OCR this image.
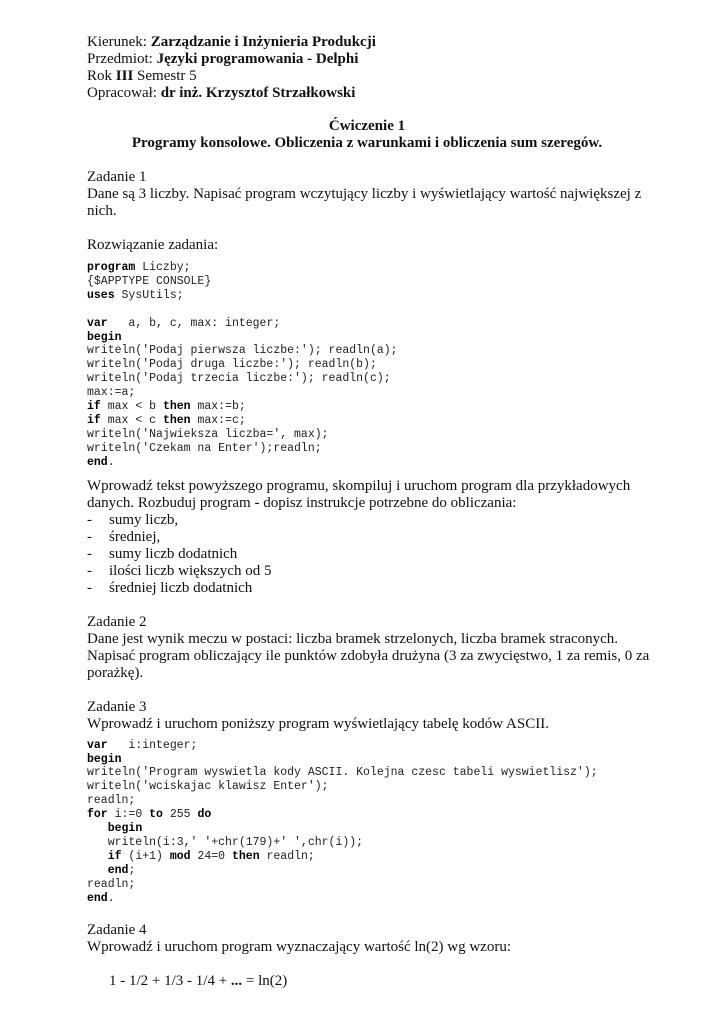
Kierunek: Zarządzanie i Inżynieria Produkcji
Przedmiot: Języki programowania - Delphi
Rok III Semestr 5
Opracował: dr inż. Krzysztof Strzałkowski
Ćwiczenie 1
Programy konsolowe. Obliczenia z warunkami i obliczenia sum szeregów.
Zadanie 1
Dane są 3 liczby. Napisać program wczytujący liczby i wyświetlający wartość największej z
nich.
Rozwiązanie zadania:
program Liczby;
{$APPTYPE CONSOLE}
uses SysUtils;
var   a, b, c, max: integer;
begin
writeln('Podaj pierwsza liczbe:'); readln(a);
writeln('Podaj druga liczbe:'); readln(b);
writeln('Podaj trzecia liczbe:'); readln(c);
max:=a;
if max < b then max:=b;
if max < c then max:=c;
writeln('Najwieksza liczba=', max);
writeln('Czekam na Enter');readln;
end.
Wprowadź tekst powyższego programu, skompiluj i uruchom program dla przykładowych
danych. Rozbuduj program - dopisz instrukcje potrzebne do obliczania:
- sumy liczb,
- średniej,
- sumy liczb dodatnich
- ilości liczb większych od 5
- średniej liczb dodatnich
Zadanie 2
Dane jest wynik meczu w postaci: liczba bramek strzelonych, liczba bramek straconych.
Napisać program obliczający ile punktów zdobyła drużyna (3 za zwycięstwo, 1 za remis, 0 za
porażkę).
Zadanie 3
Wprowadź i uruchom poniższy program wyświetlający tabelę kodów ASCII.
var   i:integer;
begin
writeln('Program wyswietla kody ASCII. Kolejna czesc tabeli wyswietlisz');
writeln('wciskajac klawisz Enter');
readln;
for i:=0 to 255 do
begin
writeln(i:3,' '+chr(179)+' ',chr(i));
if (i+1) mod 24=0 then readln;
end;
readln;
end.
Zadanie 4
Wprowadź i uruchom program wyznaczający wartość ln(2) wg wzoru:
1 - 1/2 + 1/3 - 1/4 + ... = ln(2)
